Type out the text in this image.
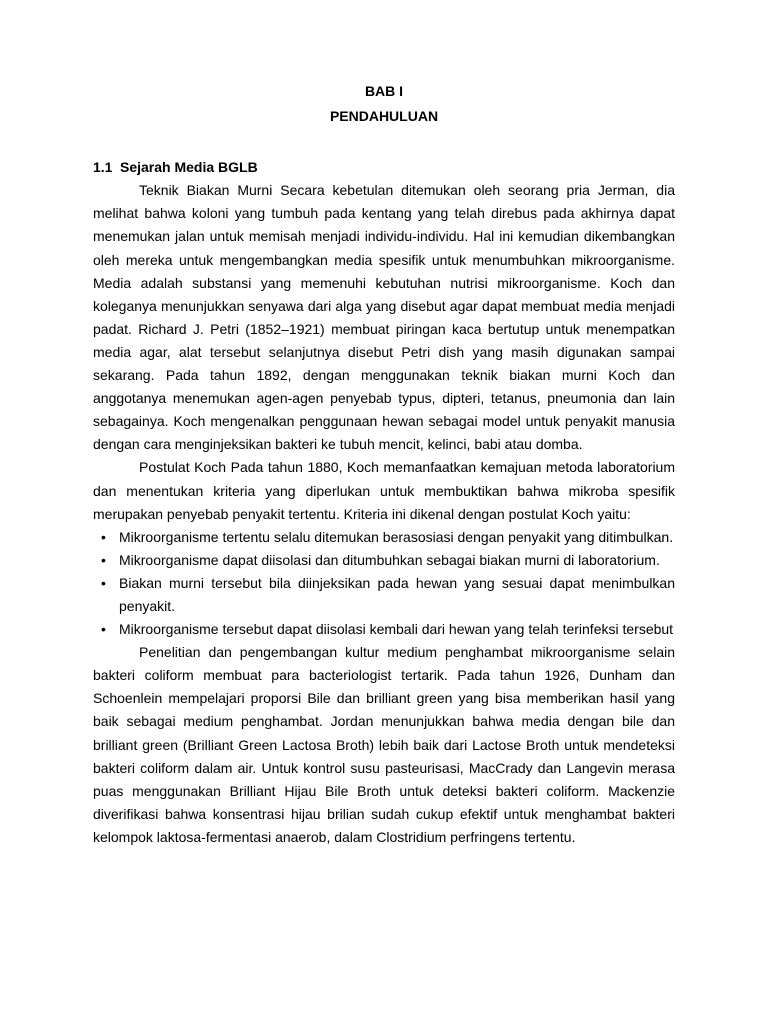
BAB I

PENDAHULUAN

1.1 Sejarah Media BGLB

Teknik Biakan Murni Secara kebetulan ditemukan oleh seorang pria Jerman, dia melihat bahwa koloni yang tumbuh pada kentang yang telah direbus pada akhirnya dapat menemukan jalan untuk memisah menjadi individu-individu. Hal ini kemudian dikembangkan oleh mereka untuk mengembangkan media spesifik untuk menumbuhkan mikroorganisme. Media adalah substansi yang memenuhi kebutuhan nutrisi mikroorganisme. Koch dan koleganya menunjukkan senyawa dari alga yang disebut agar dapat membuat media menjadi padat. Richard J. Petri (1852–1921) membuat piringan kaca bertutup untuk menempatkan media agar, alat tersebut selanjutnya disebut Petri dish yang masih digunakan sampai sekarang. Pada tahun 1892, dengan menggunakan teknik biakan murni Koch dan anggotanya menemukan agen-agen penyebab typus, dipteri, tetanus, pneumonia dan lain sebagainya. Koch mengenalkan penggunaan hewan sebagai model untuk penyakit manusia dengan cara menginjeksikan bakteri ke tubuh mencit, kelinci, babi atau domba.

Postulat Koch Pada tahun 1880, Koch memanfaatkan kemajuan metoda laboratorium dan menentukan kriteria yang diperlukan untuk membuktikan bahwa mikroba spesifik merupakan penyebab penyakit tertentu. Kriteria ini dikenal dengan postulat Koch yaitu:

• Mikroorganisme tertentu selalu ditemukan berasosiasi dengan penyakit yang ditimbulkan.
• Mikroorganisme dapat diisolasi dan ditumbuhkan sebagai biakan murni di laboratorium.
• Biakan murni tersebut bila diinjeksikan pada hewan yang sesuai dapat menimbulkan penyakit.
• Mikroorganisme tersebut dapat diisolasi kembali dari hewan yang telah terinfeksi tersebut

Penelitian dan pengembangan kultur medium penghambat mikroorganisme selain bakteri coliform membuat para bacteriologist tertarik. Pada tahun 1926, Dunham dan Schoenlein mempelajari proporsi Bile dan brilliant green yang bisa memberikan hasil yang baik sebagai medium penghambat. Jordan menunjukkan bahwa media dengan bile dan brilliant green (Brilliant Green Lactosa Broth) lebih baik dari Lactose Broth untuk mendeteksi bakteri coliform dalam air. Untuk kontrol susu pasteurisasi, MacCrady dan Langevin merasa puas menggunakan Brilliant Hijau Bile Broth untuk deteksi bakteri coliform. Mackenzie diverifikasi bahwa konsentrasi hijau brilian sudah cukup efektif untuk menghambat bakteri kelompok laktosa-fermentasi anaerob, dalam Clostridium perfringens tertentu.
